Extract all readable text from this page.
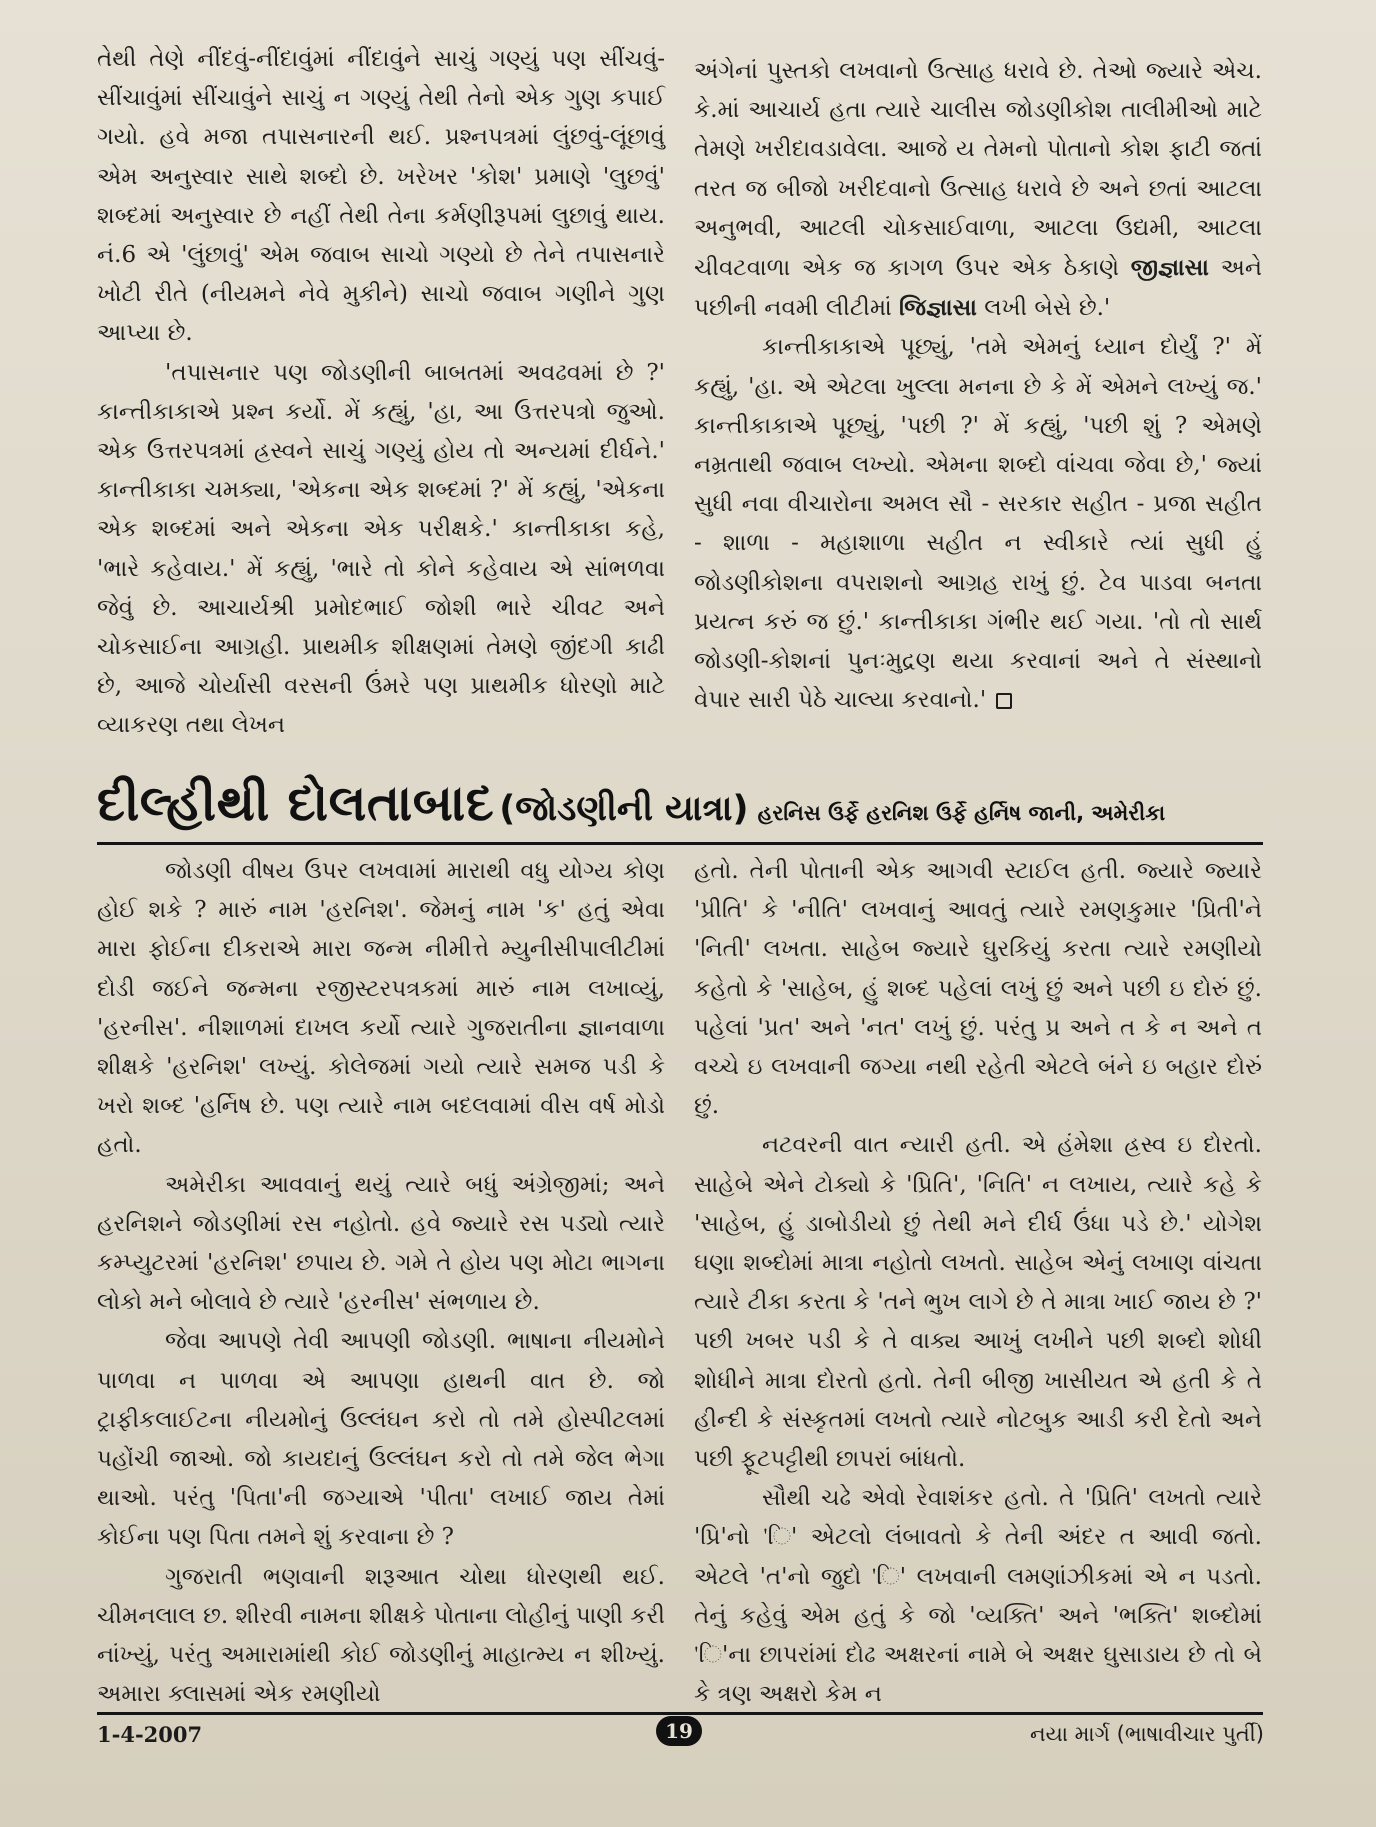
તેથી તેણે નીંદવું-નીંદાવુંમાં નીંદાવુંને સાચું ગણ્યું પણ સીંચવું-સીંચાવુંમાં સીંચાવુંને સાચું ન ગણ્યું તેથી તેનો એક ગુણ કપાઈ ગયો. હવે મજા તપાસનારની થઈ. પ્રશ્નપત્રમાં લુંછવું-લૂંછાવું એમ અનુસ્વાર સાથે શબ્દો છે. ખરેખર 'કોશ' પ્રમાણે 'લુછવું' શબ્દમાં અનુસ્વાર છે નહીં તેથી તેના કર્મણીરૂપમાં લુછાવું થાય. નં.6 એ 'લુંછાવું' એમ જવાબ સાચો ગણ્યો છે તેને તપાસનારે ખોટી રીતે (નીયમને નેવે મુકીને) સાચો જવાબ ગણીને ગુણ આપ્યા છે.

'તપાસનાર પણ જોડણીની બાબતમાં અવઢવમાં છે ?' કાન્તીકાકાએ પ્રશ્ન કર્યો. મેં કહ્યું, 'હા, આ ઉત્તરપત્રો જુઓ. એક ઉત્તરપત્રમાં હ્રસ્વને સાચું ગણ્યું હોય તો અન્યમાં દીર્ઘને.' કાન્તીકાકા ચમક્યા, 'એકના એક શબ્દમાં ?' મેં કહ્યું, 'એકના એક શબ્દમાં અને એકના એક પરીક્ષકે.' કાન્તીકાકા કહે, 'ભારે કહેવાય.' મેં કહ્યું, 'ભારે તો કોને કહેવાય એ સાંભળવા જેવું છે. આચાર્યશ્રી પ્રમોદભાઈ જોશી ભારે ચીવટ અને ચોકસાઈના આગ્રહી. પ્રાથમીક શીક્ષણમાં તેમણે જીંદગી કાઢી છે, આજે ચોર્યાસી વરસની ઉંમરે પણ પ્રાથમીક ધોરણો માટે વ્યાકરણ તથા લેખન

અંગેનાં પુસ્તકો લખવાનો ઉત્સાહ ધરાવે છે. તેઓ જ્યારે એચ. કે.માં આચાર્ય હતા ત્યારે ચાલીસ જોડણીકોશ તાલીમીઓ માટે તેમણે ખરીદાવડાવેલા. આજે ય તેમનો પોતાનો કોશ ફાટી જતાં તરત જ બીજો ખરીદવાનો ઉત્સાહ ધરાવે છે અને છતાં આટલા અનુભવી, આટલી ચોકસાઈવાળા, આટલા ઉદ્યમી, આટલા ચીવટવાળા એક જ કાગળ ઉપર એક ઠેકાણે જીજ્ઞાસા અને પછીની નવમી લીટીમાં જિજ્ઞાસા લખી બેસે છે.'

કાન્તીકાકાએ પૂછ્યું, 'તમે એમનું ધ્યાન દોર્યું ?' મેં કહ્યું, 'હા. એ એટલા ખુલ્લા મનના છે કે મેં એમને લખ્યું જ.' કાન્તીકાકાએ પૂછ્યું, 'પછી ?' મેં કહ્યું, 'પછી શું ? એમણે નમ્રતાથી જવાબ લખ્યો. એમના શબ્દો વાંચવા જેવા છે,' જ્યાં સુધી નવા વીચારોના અમલ સૌ - સરકાર સહીત - પ્રજા સહીત - શાળા - મહાશાળા સહીત ન સ્વીકારે ત્યાં સુધી હું જોડણીકોશના વપરાશનો આગ્રહ રાખું છું. ટેવ પાડવા બનતા પ્રયત્ન કરું જ છું.' કાન્તીકાકા ગંભીર થઈ ગયા. 'તો તો સાર્થ જોડણી-કોશનાં પુનઃમુદ્રણ થયા કરવાનાં અને તે સંસ્થાનો વેપાર સારી પેઠે ચાલ્યા કરવાનો.'

દીલ્હીથી દોલતાબાદ (જોડણીની યાત્રા) હરનિસ ઉર્ફે હરનિશ ઉર્ફે હર્નિષ જાની, અમેરીકા

જોડણી વીષય ઉપર લખવામાં મારાથી વધુ યોગ્ય કોણ હોઈ શકે ? મારું નામ 'હરનિશ'. જેમનું નામ 'ક' હતું એવા મારા ફોઈના દીકરાએ મારા જન્મ નીમીત્તે મ્યુનીસીપાલીટીમાં દોડી જઈને જન્મના રજીસ્ટરપત્રકમાં મારું નામ લખાવ્યું, 'હરનીસ'. નીશાળમાં દાખલ કર્યો ત્યારે ગુજરાતીના જ્ઞાનવાળા શીક્ષકે 'હરનિશ' લખ્યું. કોલેજમાં ગયો ત્યારે સમજ પડી કે ખરો શબ્દ 'હર્નિષ છે. પણ ત્યારે નામ બદલવામાં વીસ વર્ષ મોડો હતો.

અમેરીકા આવવાનું થયું ત્યારે બધું અંગ્રેજીમાં; અને હરનિશને જોડણીમાં રસ નહોતો. હવે જ્યારે રસ પડ્યો ત્યારે કમ્પ્યુટરમાં 'હરનિશ' છપાય છે. ગમે તે હોય પણ મોટા ભાગના લોકો મને બોલાવે છે ત્યારે 'હરનીસ' સંભળાય છે.

જેવા આપણે તેવી આપણી જોડણી. ભાષાના નીયમોને પાળવા ન પાળવા એ આપણા હાથની વાત છે. જો ટ્રાફીકલાઈટના નીયમોનું ઉલ્લંઘન કરો તો તમે હોસ્પીટલમાં પહોંચી જાઓ. જો કાયદાનું ઉલ્લંઘન કરો તો તમે જેલ ભેગા થાઓ. પરંતુ 'પિતા'ની જગ્યાએ 'પીતા' લખાઈ જાય તેમાં કોઈના પણ પિતા તમને શું કરવાના છે ?

ગુજરાતી ભણવાની શરૂઆત ચોથા ધોરણથી થઈ. ચીમનલાલ છ. શીરવી નામના શીક્ષકે પોતાના લોહીનું પાણી કરી નાંખ્યું, પરંતુ અમારામાંથી કોઈ જોડણીનું માહાત્મ્ય ન શીખ્યું. અમારા ક્લાસમાં એક રમણીયો

હતો. તેની પોતાની એક આગવી સ્ટાઈલ હતી. જ્યારે જ્યારે 'પ્રીતિ' કે 'નીતિ' લખવાનું આવતું ત્યારે રમણકુમાર 'પ્રિતી'ને 'નિતી' લખતા. સાહેબ જ્યારે ઘુરકિયું કરતા ત્યારે રમણીયો કહેતો કે 'સાહેબ, હું શબ્દ પહેલાં લખું છું અને પછી ઇ દોરું છું. પહેલાં 'પ્રત' અને 'નત' લખું છું. પરંતુ પ્ર અને ત કે ન અને ત વચ્ચે ઇ લખવાની જગ્યા નથી રહેતી એટલે બંને ઇ બહાર દોરું છું.

નટવરની વાત ન્યારી હતી. એ હંમેશા હ્રસ્વ ઇ દોરતો. સાહેબે એને ટોક્યો કે 'પ્રિતિ', 'નિતિ' ન લખાય, ત્યારે કહે કે 'સાહેબ, હું ડાબોડીયો છું તેથી મને દીર્ઘ ઉંધા પડે છે.' યોગેશ ઘણા શબ્દોમાં માત્રા નહોતો લખતો. સાહેબ એનું લખાણ વાંચતા ત્યારે ટીકા કરતા કે 'તને ભુખ લાગે છે તે માત્રા ખાઈ જાય છે ?' પછી ખબર પડી કે તે વાક્ય આખું લખીને પછી શબ્દો શોધી શોધીને માત્રા દોરતો હતો. તેની બીજી ખાસીયત એ હતી કે તે હીન્દી કે સંસ્કૃતમાં લખતો ત્યારે નોટબુક આડી કરી દેતો અને પછી ફૂટપટ્ટીથી છાપરાં બાંધતો.

સૌથી ચઢે એવો રેવાશંકર હતો. તે 'પ્રિતિ' લખતો ત્યારે 'પ્રિ'નો 'િ' એટલો લંબાવતો કે તેની અંદર ત આવી જતો. એટલે 'ત'નો જુદો 'િ' લખવાની લમણાંઝીકમાં એ ન પડતો. તેનું કહેવું એમ હતું કે જો 'વ્યક્તિ' અને 'ભક્તિ' શબ્દોમાં 'િ'ના છાપરાંમાં દોઢ અક્ષરનાં નામે બે અક્ષર ઘુસાડાય છે તો બે કે ત્રણ અક્ષરો કેમ ન

1-4-2007	19	નયા માર્ગ (ભાષાવીચાર પુર્તી)
